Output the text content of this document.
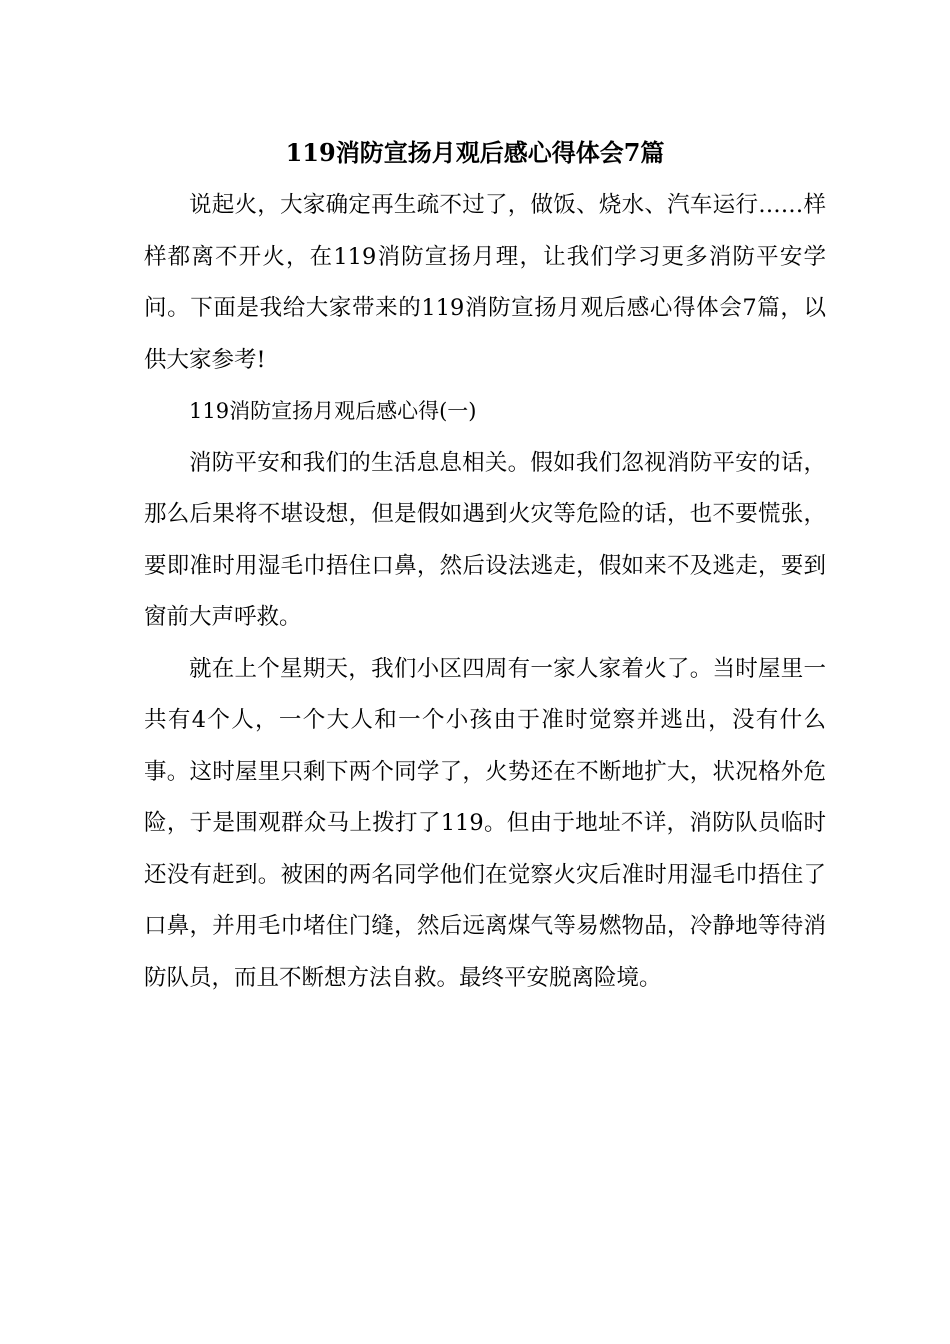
119消防宣扬月观后感心得体会7篇

说起火，大家确定再生疏不过了，做饭、烧水、汽车运行……样样都离不开火，在119消防宣扬月理，让我们学习更多消防平安学问。下面是我给大家带来的119消防宣扬月观后感心得体会7篇，以供大家参考!

119消防宣扬月观后感心得(一)

消防平安和我们的生活息息相关。假如我们忽视消防平安的话，那么后果将不堪设想，但是假如遇到火灾等危险的话，也不要慌张，要即准时用湿毛巾捂住口鼻，然后设法逃走，假如来不及逃走，要到窗前大声呼救。

就在上个星期天，我们小区四周有一家人家着火了。当时屋里一共有4个人，一个大人和一个小孩由于准时觉察并逃出，没有什么事。这时屋里只剩下两个同学了，火势还在不断地扩大，状况格外危险，于是围观群众马上拨打了119。但由于地址不详，消防队员临时还没有赶到。被困的两名同学他们在觉察火灾后准时用湿毛巾捂住了口鼻，并用毛巾堵住门缝，然后远离煤气等易燃物品，冷静地等待消防队员，而且不断想方法自救。最终平安脱离险境。
